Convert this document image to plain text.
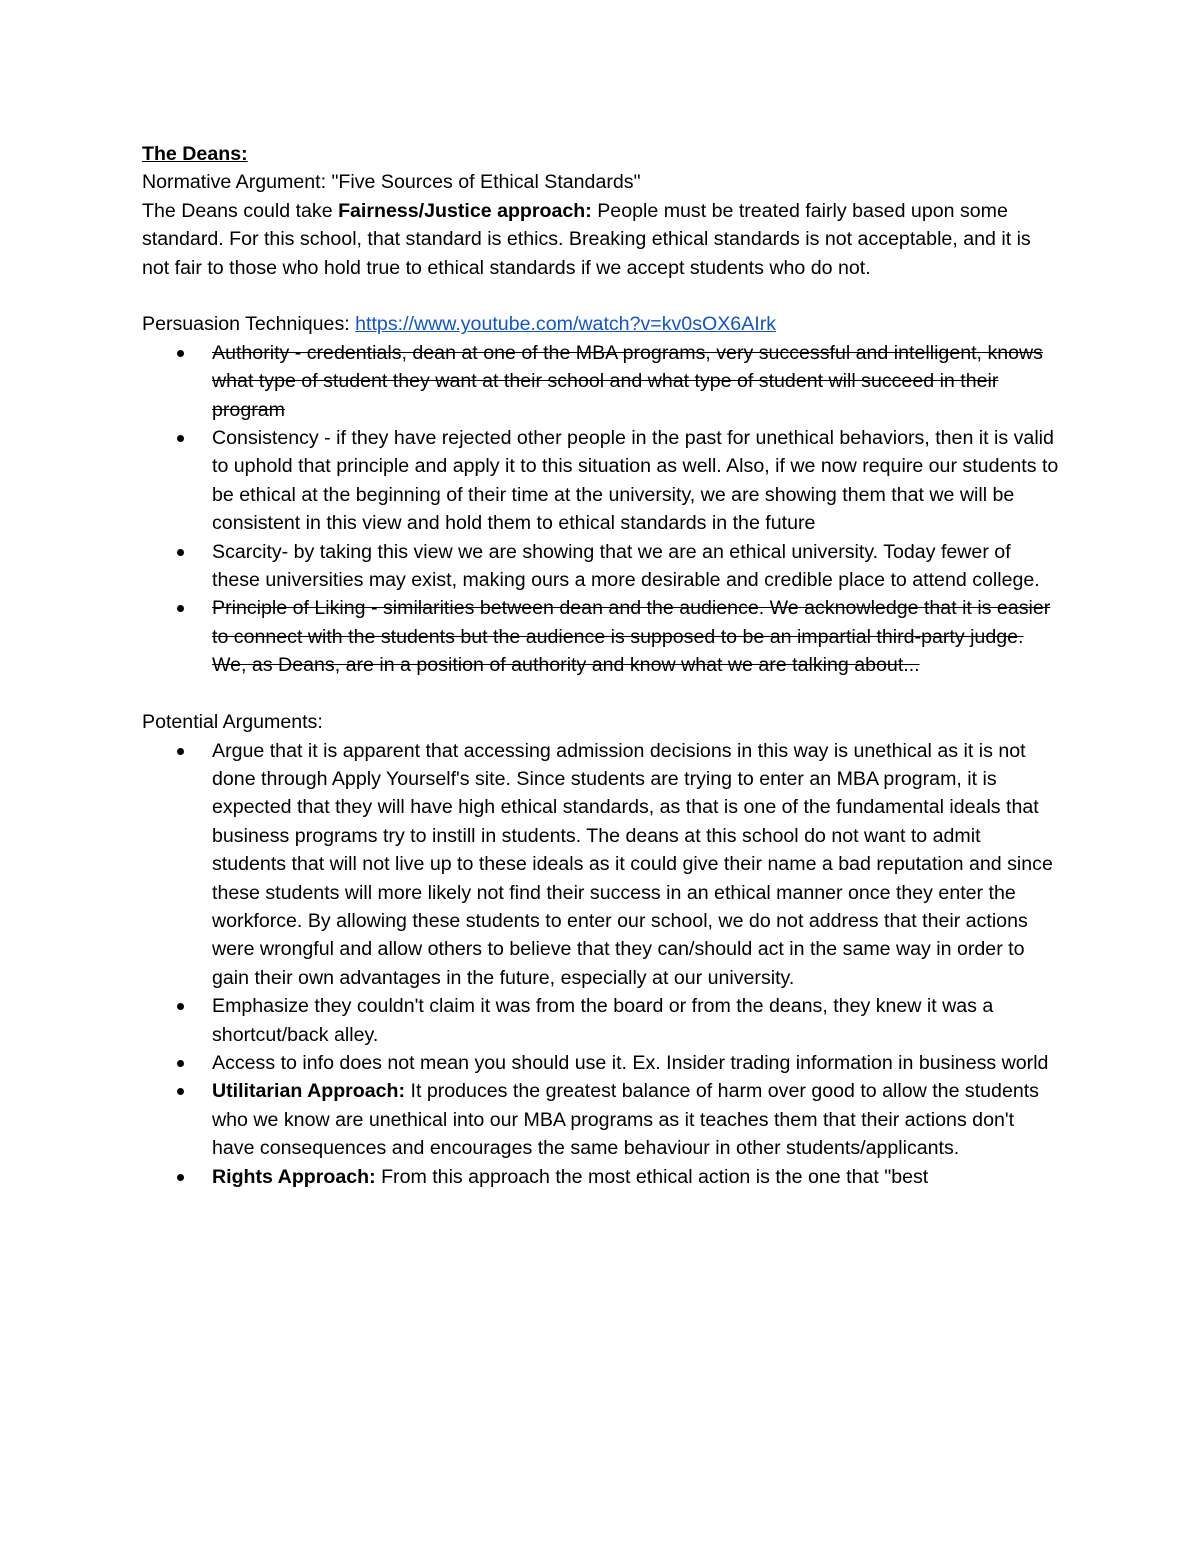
The Deans:

Normative Argument: "Five Sources of Ethical Standards"

The Deans could take Fairness/Justice approach: People must be treated fairly based upon some standard. For this school, that standard is ethics. Breaking ethical standards is not acceptable, and it is not fair to those who hold true to ethical standards if we accept students who do not.

Persuasion Techniques: https://www.youtube.com/watch?v=kv0sOX6AIrk

Authority - credentials, dean at one of the MBA programs, very successful and intelligent, knows what type of student they want at their school and what type of student will succeed in their program
Consistency - if they have rejected other people in the past for unethical behaviors, then it is valid to uphold that principle and apply it to this situation as well. Also, if we now require our students to be ethical at the beginning of their time at the university, we are showing them that we will be consistent in this view and hold them to ethical standards in the future
Scarcity- by taking this view we are showing that we are an ethical university. Today fewer of these universities may exist, making ours a more desirable and credible place to attend college.
Principle of Liking - similarities between dean and the audience. We acknowledge that it is easier to connect with the students but the audience is supposed to be an impartial third-party judge. We, as Deans, are in a position of authority and know what we are talking about...

Potential Arguments:

Argue that it is apparent that accessing admission decisions in this way is unethical as it is not done through Apply Yourself's site. Since students are trying to enter an MBA program, it is expected that they will have high ethical standards, as that is one of the fundamental ideals that business programs try to instill in students. The deans at this school do not want to admit students that will not live up to these ideals as it could give their name a bad reputation and since these students will more likely not find their success in an ethical manner once they enter the workforce. By allowing these students to enter our school, we do not address that their actions were wrongful and allow others to believe that they can/should act in the same way in order to gain their own advantages in the future, especially at our university.
Emphasize they couldn't claim it was from the board or from the deans, they knew it was a shortcut/back alley.
Access to info does not mean you should use it. Ex. Insider trading information in business world
Utilitarian Approach: It produces the greatest balance of harm over good to allow the students who we know are unethical into our MBA programs as it teaches them that their actions don't have consequences and encourages the same behaviour in other students/applicants.
Rights Approach: From this approach the most ethical action is the one that "best
